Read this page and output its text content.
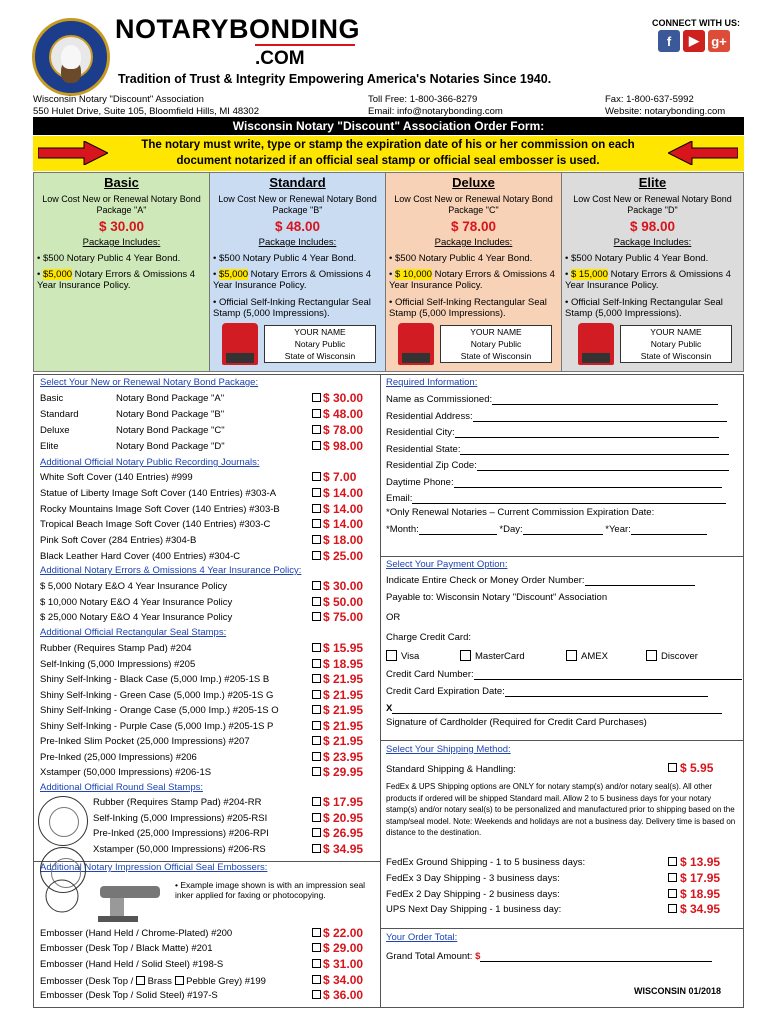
NOTARYBONDING
.COM
Tradition of Trust & Integrity Empowering America's Notaries Since 1940.
CONNECT WITH US:
f	▶ g+
Wisconsin Notary "Discount" Association
550 Hulet Drive, Suite 105, Bloomfield Hills, MI 48302
Toll Free: 1-800-366-8279
Email: info@notarybonding.com
Fax: 1-800-637-5992
Website: notarybonding.com
Wisconsin Notary "Discount" Association Order Form:
The notary must write, type or stamp the expiration date of his or her commission on each document notarized if an official seal stamp or official seal embosser is used.
Basic
Low Cost New or Renewal Notary Bond Package "A"
$ 30.00
Package Includes:
• $500 Notary Public 4 Year Bond.
• $5,000 Notary Errors & Omissions 4 Year Insurance Policy.
Standard
Low Cost New or Renewal Notary Bond Package "B"
$ 48.00
Package Includes:
• $500 Notary Public 4 Year Bond.
• $5,000 Notary Errors & Omissions 4 Year Insurance Policy.
• Official Self-Inking Rectangular Seal Stamp (5,000 Impressions).
YOUR NAME
Notary Public
State of Wisconsin
Deluxe
Low Cost New or Renewal Notary Bond Package "C"
$ 78.00
Package Includes:
• $500 Notary Public 4 Year Bond.
• $ 10,000 Notary Errors & Omissions 4 Year Insurance Policy.
• Official Self-Inking Rectangular Seal Stamp (5,000 Impressions).
YOUR NAME
Notary Public
State of Wisconsin
Elite
Low Cost New or Renewal Notary Bond Package "D"
$ 98.00
Package Includes:
• $500 Notary Public 4 Year Bond.
• $ 15,000 Notary Errors & Omissions 4 Year Insurance Policy.
• Official Self-Inking Rectangular Seal Stamp (5,000 Impressions).
YOUR NAME
Notary Public
State of Wisconsin
Select Your New or Renewal Notary Bond Package:
Basic	Notary Bond Package "A"	$ 30.00
Standard	Notary Bond Package "B"	$ 48.00
Deluxe	Notary Bond Package "C"	$ 78.00
Elite	Notary Bond Package "D"	$ 98.00
Additional Official Notary Public Recording Journals:
Additional Notary Errors & Omissions 4 Year Insurance Policy:
Additional Official Rectangular Seal Stamps:
Additional Official Round Seal Stamps:
Additional Notary Impression Official Seal Embossers:
White Soft Cover (140 Entries) #999	$ 7.00
Statue of Liberty Image Soft Cover (140 Entries) #303-A	$ 14.00
Rocky Mountains Image Soft Cover (140 Entries) #303-B	$ 14.00
Tropical Beach Image Soft Cover (140 Entries) #303-C	$ 14.00
Pink Soft Cover (284 Entries) #304-B	$ 18.00
Black Leather Hard Cover (400 Entries) #304-C	$ 25.00
$ 5,000 Notary E&O 4 Year Insurance Policy	$ 30.00
$ 10,000 Notary E&O 4 Year Insurance Policy	$ 50.00
$ 25,000 Notary E&O 4 Year Insurance Policy	$ 75.00
Rubber (Requires Stamp Pad) #204	$ 15.95
Self-Inking (5,000 Impressions) #205	$ 18.95
Shiny Self-Inking - Black Case (5,000 Imp.) #205-1S B	$ 21.95
Shiny Self-Inking - Green Case (5,000 Imp.) #205-1S G	$ 21.95
Shiny Self-Inking - Orange Case (5,000 Imp.) #205-1S O	$ 21.95
Shiny Self-Inking - Purple Case (5,000 Imp.) #205-1S P	$ 21.95
Pre-Inked Slim Pocket (25,000 Impressions) #207	$ 21.95
Pre-Inked (25,000 Impressions) #206	$ 23.95
Xstamper (50,000 Impressions) #206-1S	$ 29.95
Rubber (Requires Stamp Pad) #204-RR	$ 17.95
Self-Inking (5,000 Impressions) #205-RSI	$ 20.95
Pre-Inked (25,000 Impressions) #206-RPI	$ 26.95
Xstamper (50,000 Impressions) #206-RS	$ 34.95
Embosser (Hand Held / Chrome-Plated) #200	$ 22.00
Embosser (Desk Top / Black Matte) #201	$ 29.00
Embosser (Hand Held / Solid Steel) #198-S	$ 31.00
Embosser (Desk Top / Solid Steel) #197-S	$ 36.00
Embosser (Desk Top / Brass Pebble Grey) #199	$ 34.00
• Example image shown is with an impression seal inker applied for faxing or photocopying.
Required Information:
Name as Commissioned:
Residential Address:
Residential City:
Residential State:
Residential Zip Code:
Daytime Phone:
Email:
*Only Renewal Notaries – Current Commission Expiration Date:
*Month:	*Day:	*Year:
Select Your Payment Option:
Indicate Entire Check or Money Order Number:
Payable to: Wisconsin Notary "Discount" Association
OR
Charge Credit Card:
Visa	MasterCard	AMEX	Discover
Credit Card Number:
Credit Card Expiration Date:
X
Signature of Cardholder (Required for Credit Card Purchases)
Select Your Shipping Method:
Standard Shipping & Handling:	$ 5.95
FedEx & UPS Shipping options are ONLY for notary stamp(s) and/or notary seal(s). All other products if ordered will be shipped Standard mail. Allow 2 to 5 business days for your notary stamp(s) and/or notary seal(s) to be personalized and manufactured prior to shipping based on the stamp/seal model. Note: Weekends and holidays are not a business day. Delivery time is based on distance to the destination.
FedEx Ground Shipping - 1 to 5 business days:	$ 13.95
FedEx 3 Day Shipping - 3 business days:	$ 17.95
FedEx 2 Day Shipping - 2 business days:	$ 18.95
UPS Next Day Shipping - 1 business day:	$ 34.95
Your Order Total:
Grand Total Amount: $
WISCONSIN 01/2018
